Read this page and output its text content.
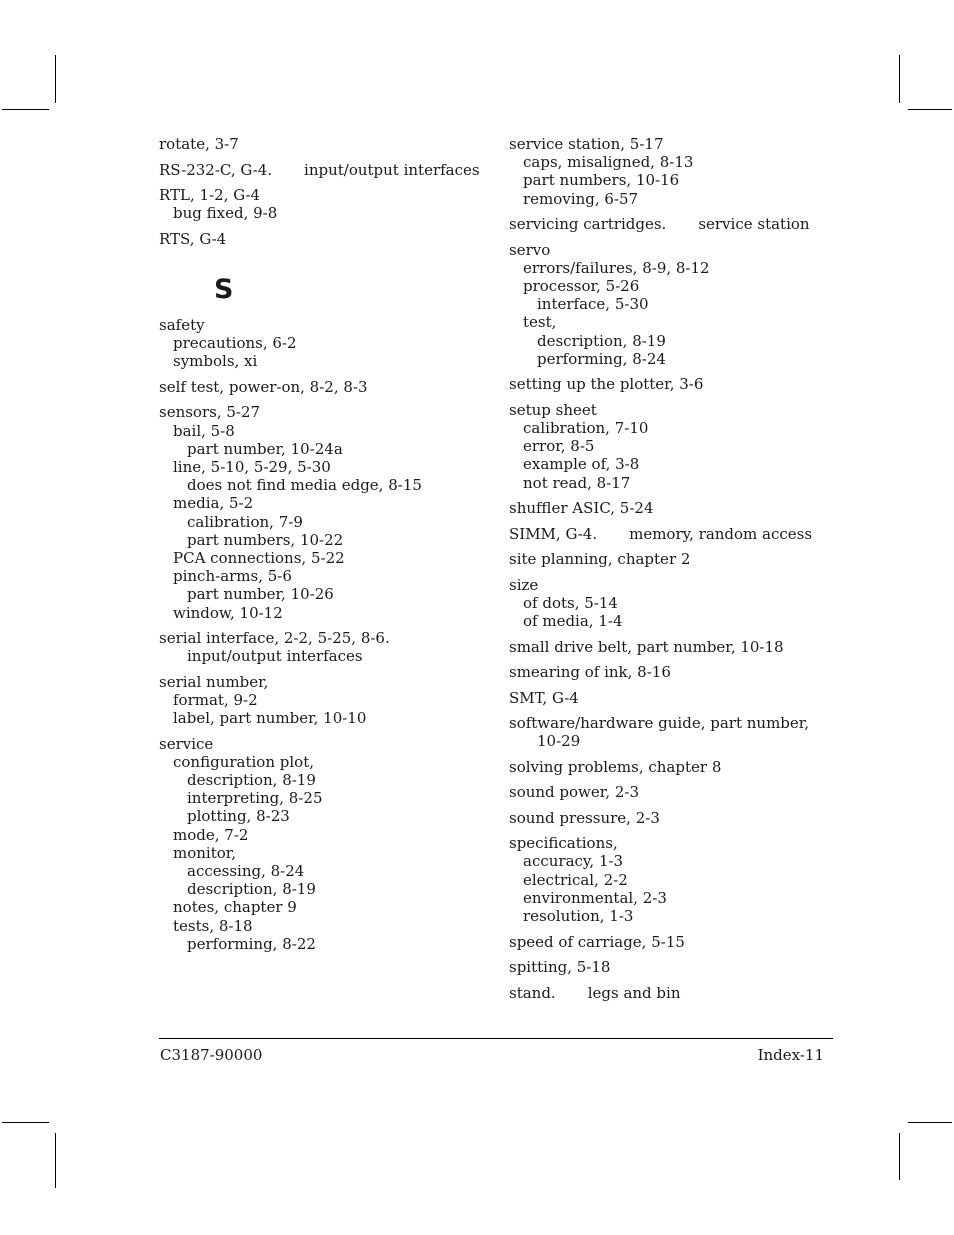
rotate, 3-7
RS-232-C, G-4. input/output interfaces
RTL, 1-2, G-4
bug fixed, 9-8
RTS, G-4
S
safety
precautions, 6-2
symbols, xi
self test, power-on, 8-2, 8-3
sensors, 5-27
bail, 5-8
part number, 10-24a
line, 5-10, 5-29, 5-30
does not find media edge, 8-15
media, 5-2
calibration, 7-9
part numbers, 10-22
PCA connections, 5-22
pinch-arms, 5-6
part number, 10-26
window, 10-12
serial interface, 2-2, 5-25, 8-6.
input/output interfaces
serial number,
format, 9-2
label, part number, 10-10
service
configuration plot,
description, 8-19
interpreting, 8-25
plotting, 8-23
mode, 7-2
monitor,
accessing, 8-24
description, 8-19
notes, chapter 9
tests, 8-18
performing, 8-22
service station, 5-17
caps, misaligned, 8-13
part numbers, 10-16
removing, 6-57
servicing cartridges. service station
servo
errors/failures, 8-9, 8-12
processor, 5-26
interface, 5-30
test,
description, 8-19
performing, 8-24
setting up the plotter, 3-6
setup sheet
calibration, 7-10
error, 8-5
example of, 3-8
not read, 8-17
shuffler ASIC, 5-24
SIMM, G-4. memory, random access
site planning, chapter 2
size
of dots, 5-14
of media, 1-4
small drive belt, part number, 10-18
smearing of ink, 8-16
SMT, G-4
software/hardware guide, part number,
10-29
solving problems, chapter 8
sound power, 2-3
sound pressure, 2-3
specifications,
accuracy, 1-3
electrical, 2-2
environmental, 2-3
resolution, 1-3
speed of carriage, 5-15
spitting, 5-18
stand. legs and bin
C3187-90000	Index-11
